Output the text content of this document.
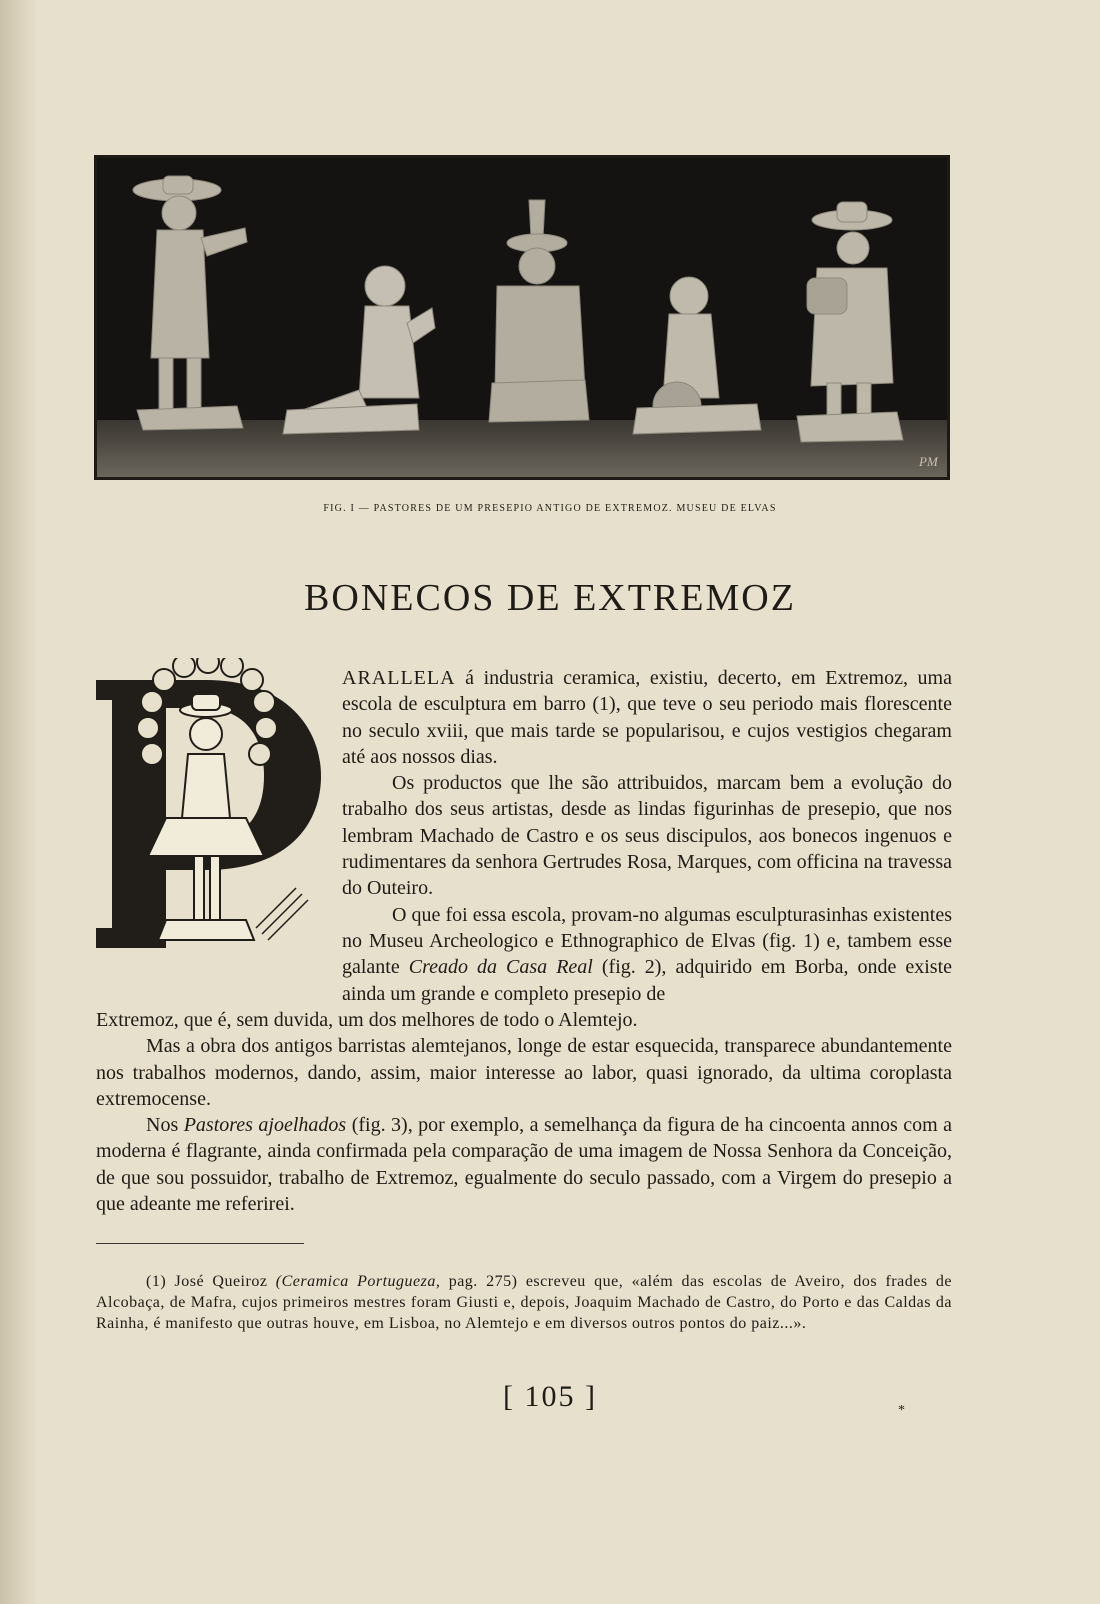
PM
FIG. I — PASTORES DE UM PRESEPIO ANTIGO DE EXTREMOZ. MUSEU DE ELVAS
BONECOS DE EXTREMOZ

ARALLELA á industria ceramica, existiu, decerto, em Extremoz, uma escola de esculptura em barro (1), que teve o seu periodo mais florescente no seculo xviii, que mais tarde se popularisou, e cujos vestigios chegaram até aos nossos dias.

Os productos que lhe são attribuidos, marcam bem a evolução do trabalho dos seus artistas, desde as lindas figurinhas de presepio, que nos lembram Machado de Castro e os seus discipulos, aos bonecos ingenuos e rudimentares da senhora Gertrudes Rosa, Marques, com officina na travessa do Outeiro.

O que foi essa escola, provam-no algumas esculpturasinhas existentes no Museu Archeologico e Ethnographico de Elvas (fig. 1) e, tambem esse galante Creado da Casa Real (fig. 2), adquirido em Borba, onde existe ainda um grande e completo presepio de

Extremoz, que é, sem duvida, um dos melhores de todo o Alemtejo.

Mas a obra dos antigos barristas alemtejanos, longe de estar esquecida, transparece abundantemente nos trabalhos modernos, dando, assim, maior interesse ao labor, quasi ignorado, da ultima coroplasta extremocense.

Nos Pastores ajoelhados (fig. 3), por exemplo, a semelhança da figura de ha cincoenta annos com a moderna é flagrante, ainda confirmada pela comparação de uma imagem de Nossa Senhora da Conceição, de que sou possuidor, trabalho de Extremoz, egualmente do seculo passado, com a Virgem do presepio a que adeante me referirei.

(1) José Queiroz (Ceramica Portugueza, pag. 275) escreveu que, «além das escolas de Aveiro, dos frades de Alcobaça, de Mafra, cujos primeiros mestres foram Giusti e, depois, Joaquim Machado de Castro, do Porto e das Caldas da Rainha, é manifesto que outras houve, em Lisboa, no Alemtejo e em diversos outros pontos do paiz...».

[ 105 ]	*
